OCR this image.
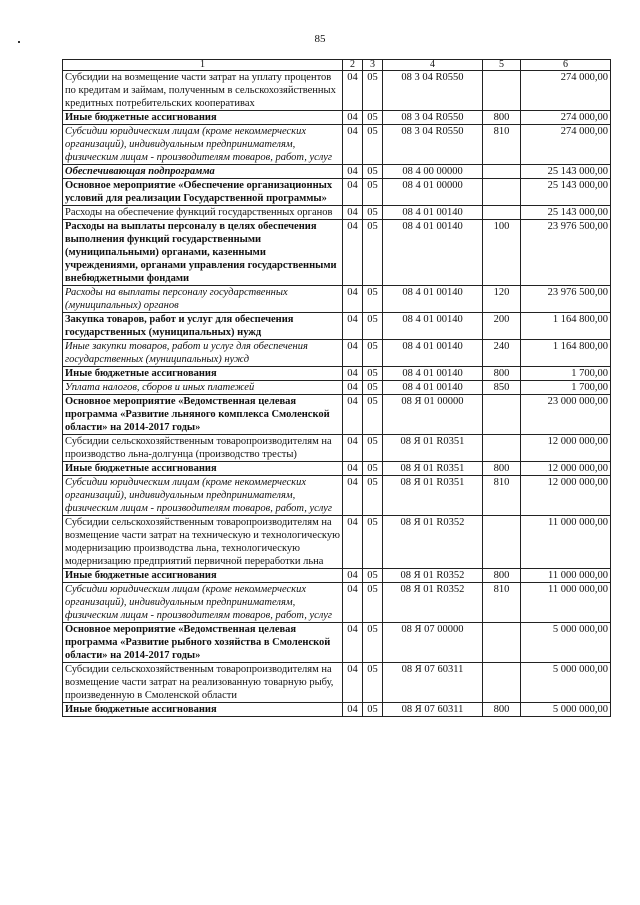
85
1	2	3	4	5	6
Субсидии на возмещение части затрат на уплату процентов по кредитам и займам, полученным в сельскохозяйственных кредитных потребительских кооперативах	04	05	08 3 04 R0550		274 000,00
Иные бюджетные ассигнования	04	05	08 3 04 R0550	800	274 000,00
Субсидии юридическим лицам (кроме некоммерческих организаций), индивидуальным предпринимателям, физическим лицам - производителям товаров, работ, услуг	04	05	08 3 04 R0550	810	274 000,00
Обеспечивающая подпрограмма	04	05	08 4 00 00000		25 143 000,00
Основное мероприятие «Обеспечение организационных условий для реализации Государственной программы»	04	05	08 4 01 00000		25 143 000,00
Расходы на обеспечение функций государственных органов	04	05	08 4 01 00140		25 143 000,00
Расходы на выплаты персоналу в целях обеспечения выполнения функций государственными (муниципальными) органами, казенными учреждениями, органами управления государственными внебюджетными фондами	04	05	08 4 01 00140	100	23 976 500,00
Расходы на выплаты персоналу государственных (муниципальных) органов	04	05	08 4 01 00140	120	23 976 500,00
Закупка товаров, работ и услуг для обеспечения государственных (муниципальных) нужд	04	05	08 4 01 00140	200	1 164 800,00
Иные закупки товаров, работ и услуг для обеспечения государственных (муниципальных) нужд	04	05	08 4 01 00140	240	1 164 800,00
Иные бюджетные ассигнования	04	05	08 4 01 00140	800	1 700,00
Уплата налогов, сборов и иных платежей	04	05	08 4 01 00140	850	1 700,00
Основное мероприятие «Ведомственная целевая программа «Развитие льняного комплекса Смоленской области» на 2014-2017 годы»	04	05	08 Я 01 00000		23 000 000,00
Субсидии сельскохозяйственным товаропроизводителям на производство льна-долгунца (производство тресты)	04	05	08 Я 01 R0351		12 000 000,00
Иные бюджетные ассигнования	04	05	08 Я 01 R0351	800	12 000 000,00
Субсидии юридическим лицам (кроме некоммерческих организаций), индивидуальным предпринимателям, физическим лицам - производителям товаров, работ, услуг	04	05	08 Я 01 R0351	810	12 000 000,00
Субсидии сельскохозяйственным товаропроизводителям на возмещение части затрат на техническую и технологическую модернизацию производства льна, технологическую модернизацию предприятий первичной переработки льна	04	05	08 Я 01 R0352		11 000 000,00
Иные бюджетные ассигнования	04	05	08 Я 01 R0352	800	11 000 000,00
Субсидии юридическим лицам (кроме некоммерческих организаций), индивидуальным предпринимателям, физическим лицам - производителям товаров, работ, услуг	04	05	08 Я 01 R0352	810	11 000 000,00
Основное мероприятие «Ведомственная целевая программа «Развитие рыбного хозяйства в Смоленской области» на 2014-2017 годы»	04	05	08 Я 07 00000		5 000 000,00
Субсидии сельскохозяйственным товаропроизводителям на возмещение части затрат на реализованную товарную рыбу, произведенную в Смоленской области	04	05	08 Я 07 60311		5 000 000,00
Иные бюджетные ассигнования	04	05	08 Я 07 60311	800	5 000 000,00
